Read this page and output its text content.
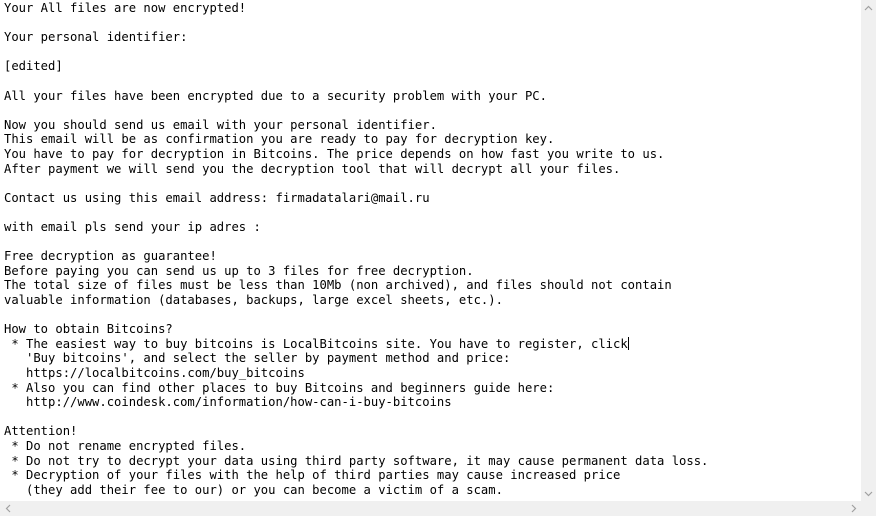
Your All files are now encrypted!
Your personal identifier:
[edited]
All your files have been encrypted due to a security problem with your PC.
Now you should send us email with your personal identifier.
This email will be as confirmation you are ready to pay for decryption key.
You have to pay for decryption in Bitcoins. The price depends on how fast you write to us.
After payment we will send you the decryption tool that will decrypt all your files.
Contact us using this email address: firmadatalari@mail.ru
with email pls send your ip adres :
Free decryption as guarantee!
Before paying you can send us up to 3 files for free decryption.
The total size of files must be less than 10Mb (non archived), and files should not contain
valuable information (databases, backups, large excel sheets, etc.).
How to obtain Bitcoins?
* The easiest way to buy bitcoins is LocalBitcoins site. You have to register, click
'Buy bitcoins', and select the seller by payment method and price:
https://localbitcoins.com/buy_bitcoins
* Also you can find other places to buy Bitcoins and beginners guide here:
http://www.coindesk.com/information/how-can-i-buy-bitcoins
Attention!
* Do not rename encrypted files.
* Do not try to decrypt your data using third party software, it may cause permanent data loss.
* Decryption of your files with the help of third parties may cause increased price
(they add their fee to our) or you can become a victim of a scam.
